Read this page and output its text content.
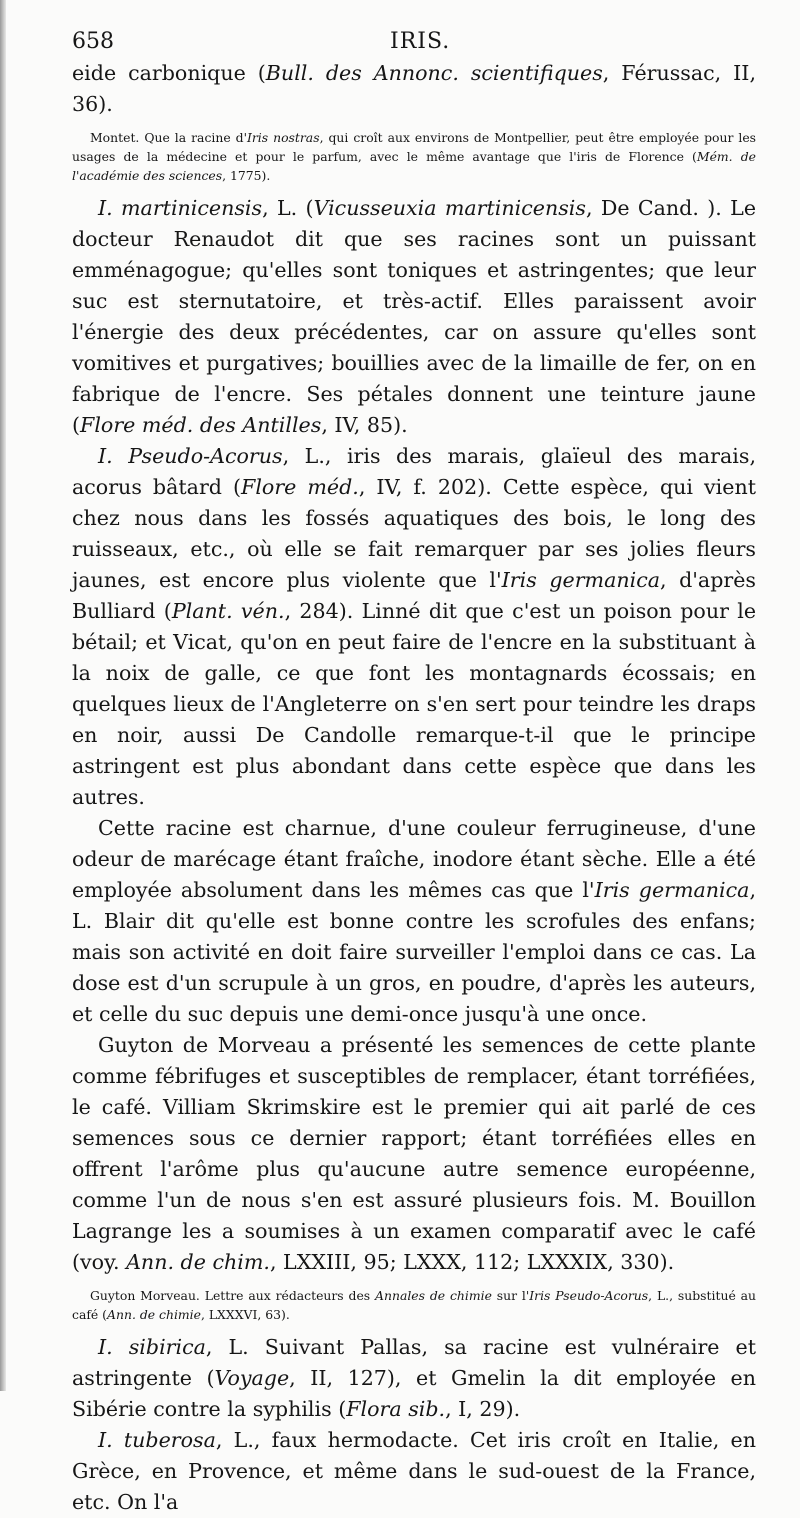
658	IRIS.

eide carbonique (Bull. des Annonc. scientifiques, Férussac, II, 36).

Montet. Que la racine d'Iris nostras, qui croît aux environs de Montpellier, peut être employée pour les usages de la médecine et pour le parfum, avec le même avantage que l'iris de Florence (Mém. de l'académie des sciences, 1775).

I. martinicensis, L. (Vicusseuxia martinicensis, De Cand. ). Le docteur Renaudot dit que ses racines sont un puissant emménagogue; qu'elles sont toniques et astringentes; que leur suc est sternutatoire, et très-actif. Elles paraissent avoir l'énergie des deux précédentes, car on assure qu'elles sont vomitives et purgatives; bouillies avec de la limaille de fer, on en fabrique de l'encre. Ses pétales donnent une teinture jaune (Flore méd. des Antilles, IV, 85).

I. Pseudo-Acorus, L., iris des marais, glaïeul des marais, acorus bâtard (Flore méd., IV, f. 202). Cette espèce, qui vient chez nous dans les fossés aquatiques des bois, le long des ruisseaux, etc., où elle se fait remarquer par ses jolies fleurs jaunes, est encore plus violente que l'Iris germanica, d'après Bulliard (Plant. vén., 284). Linné dit que c'est un poison pour le bétail; et Vicat, qu'on en peut faire de l'encre en la substituant à la noix de galle, ce que font les montagnards écossais; en quelques lieux de l'Angleterre on s'en sert pour teindre les draps en noir, aussi De Candolle remarque-t-il que le principe astringent est plus abondant dans cette espèce que dans les autres.

Cette racine est charnue, d'une couleur ferrugineuse, d'une odeur de marécage étant fraîche, inodore étant sèche. Elle a été employée absolument dans les mêmes cas que l'Iris germanica, L. Blair dit qu'elle est bonne contre les scrofules des enfans; mais son activité en doit faire surveiller l'emploi dans ce cas. La dose est d'un scrupule à un gros, en poudre, d'après les auteurs, et celle du suc depuis une demi-once jusqu'à une once.

Guyton de Morveau a présenté les semences de cette plante comme fébrifuges et susceptibles de remplacer, étant torréfiées, le café. Villiam Skrimskire est le premier qui ait parlé de ces semences sous ce dernier rapport; étant torréfiées elles en offrent l'arôme plus qu'aucune autre semence européenne, comme l'un de nous s'en est assuré plusieurs fois. M. Bouillon Lagrange les a soumises à un examen comparatif avec le café (voy. Ann. de chim., LXXIII, 95; LXXX, 112; LXXXIX, 330).

Guyton Morveau. Lettre aux rédacteurs des Annales de chimie sur l'Iris Pseudo-Acorus, L., substitué au café (Ann. de chimie, LXXXVI, 63).

I. sibirica, L. Suivant Pallas, sa racine est vulnéraire et astringente (Voyage, II, 127), et Gmelin la dit employée en Sibérie contre la syphilis (Flora sib., I, 29).

I. tuberosa, L., faux hermodacte. Cet iris croît en Italie, en Grèce, en Provence, et même dans le sud-ouest de la France, etc. On l'a
